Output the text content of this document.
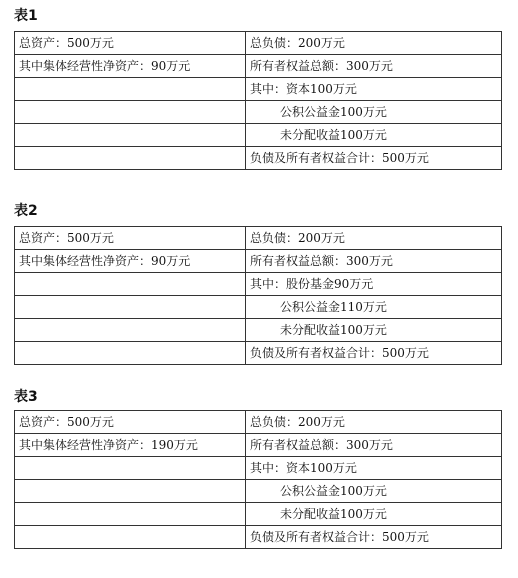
表1
总资产：500万元	总负债：200万元
其中集体经营性净资产：90万元	所有者权益总额：300万元
	其中：资本100万元
	公积公益金100万元
	未分配收益100万元
	负债及所有者权益合计：500万元
表2
总资产：500万元	总负债：200万元
其中集体经营性净资产：90万元	所有者权益总额：300万元
	其中：股份基金90万元
	公积公益金110万元
	未分配收益100万元
	负债及所有者权益合计：500万元
表3
总资产：500万元	总负债：200万元
其中集体经营性净资产：190万元	所有者权益总额：300万元
	其中：资本100万元
	公积公益金100万元
	未分配收益100万元
	负债及所有者权益合计：500万元
